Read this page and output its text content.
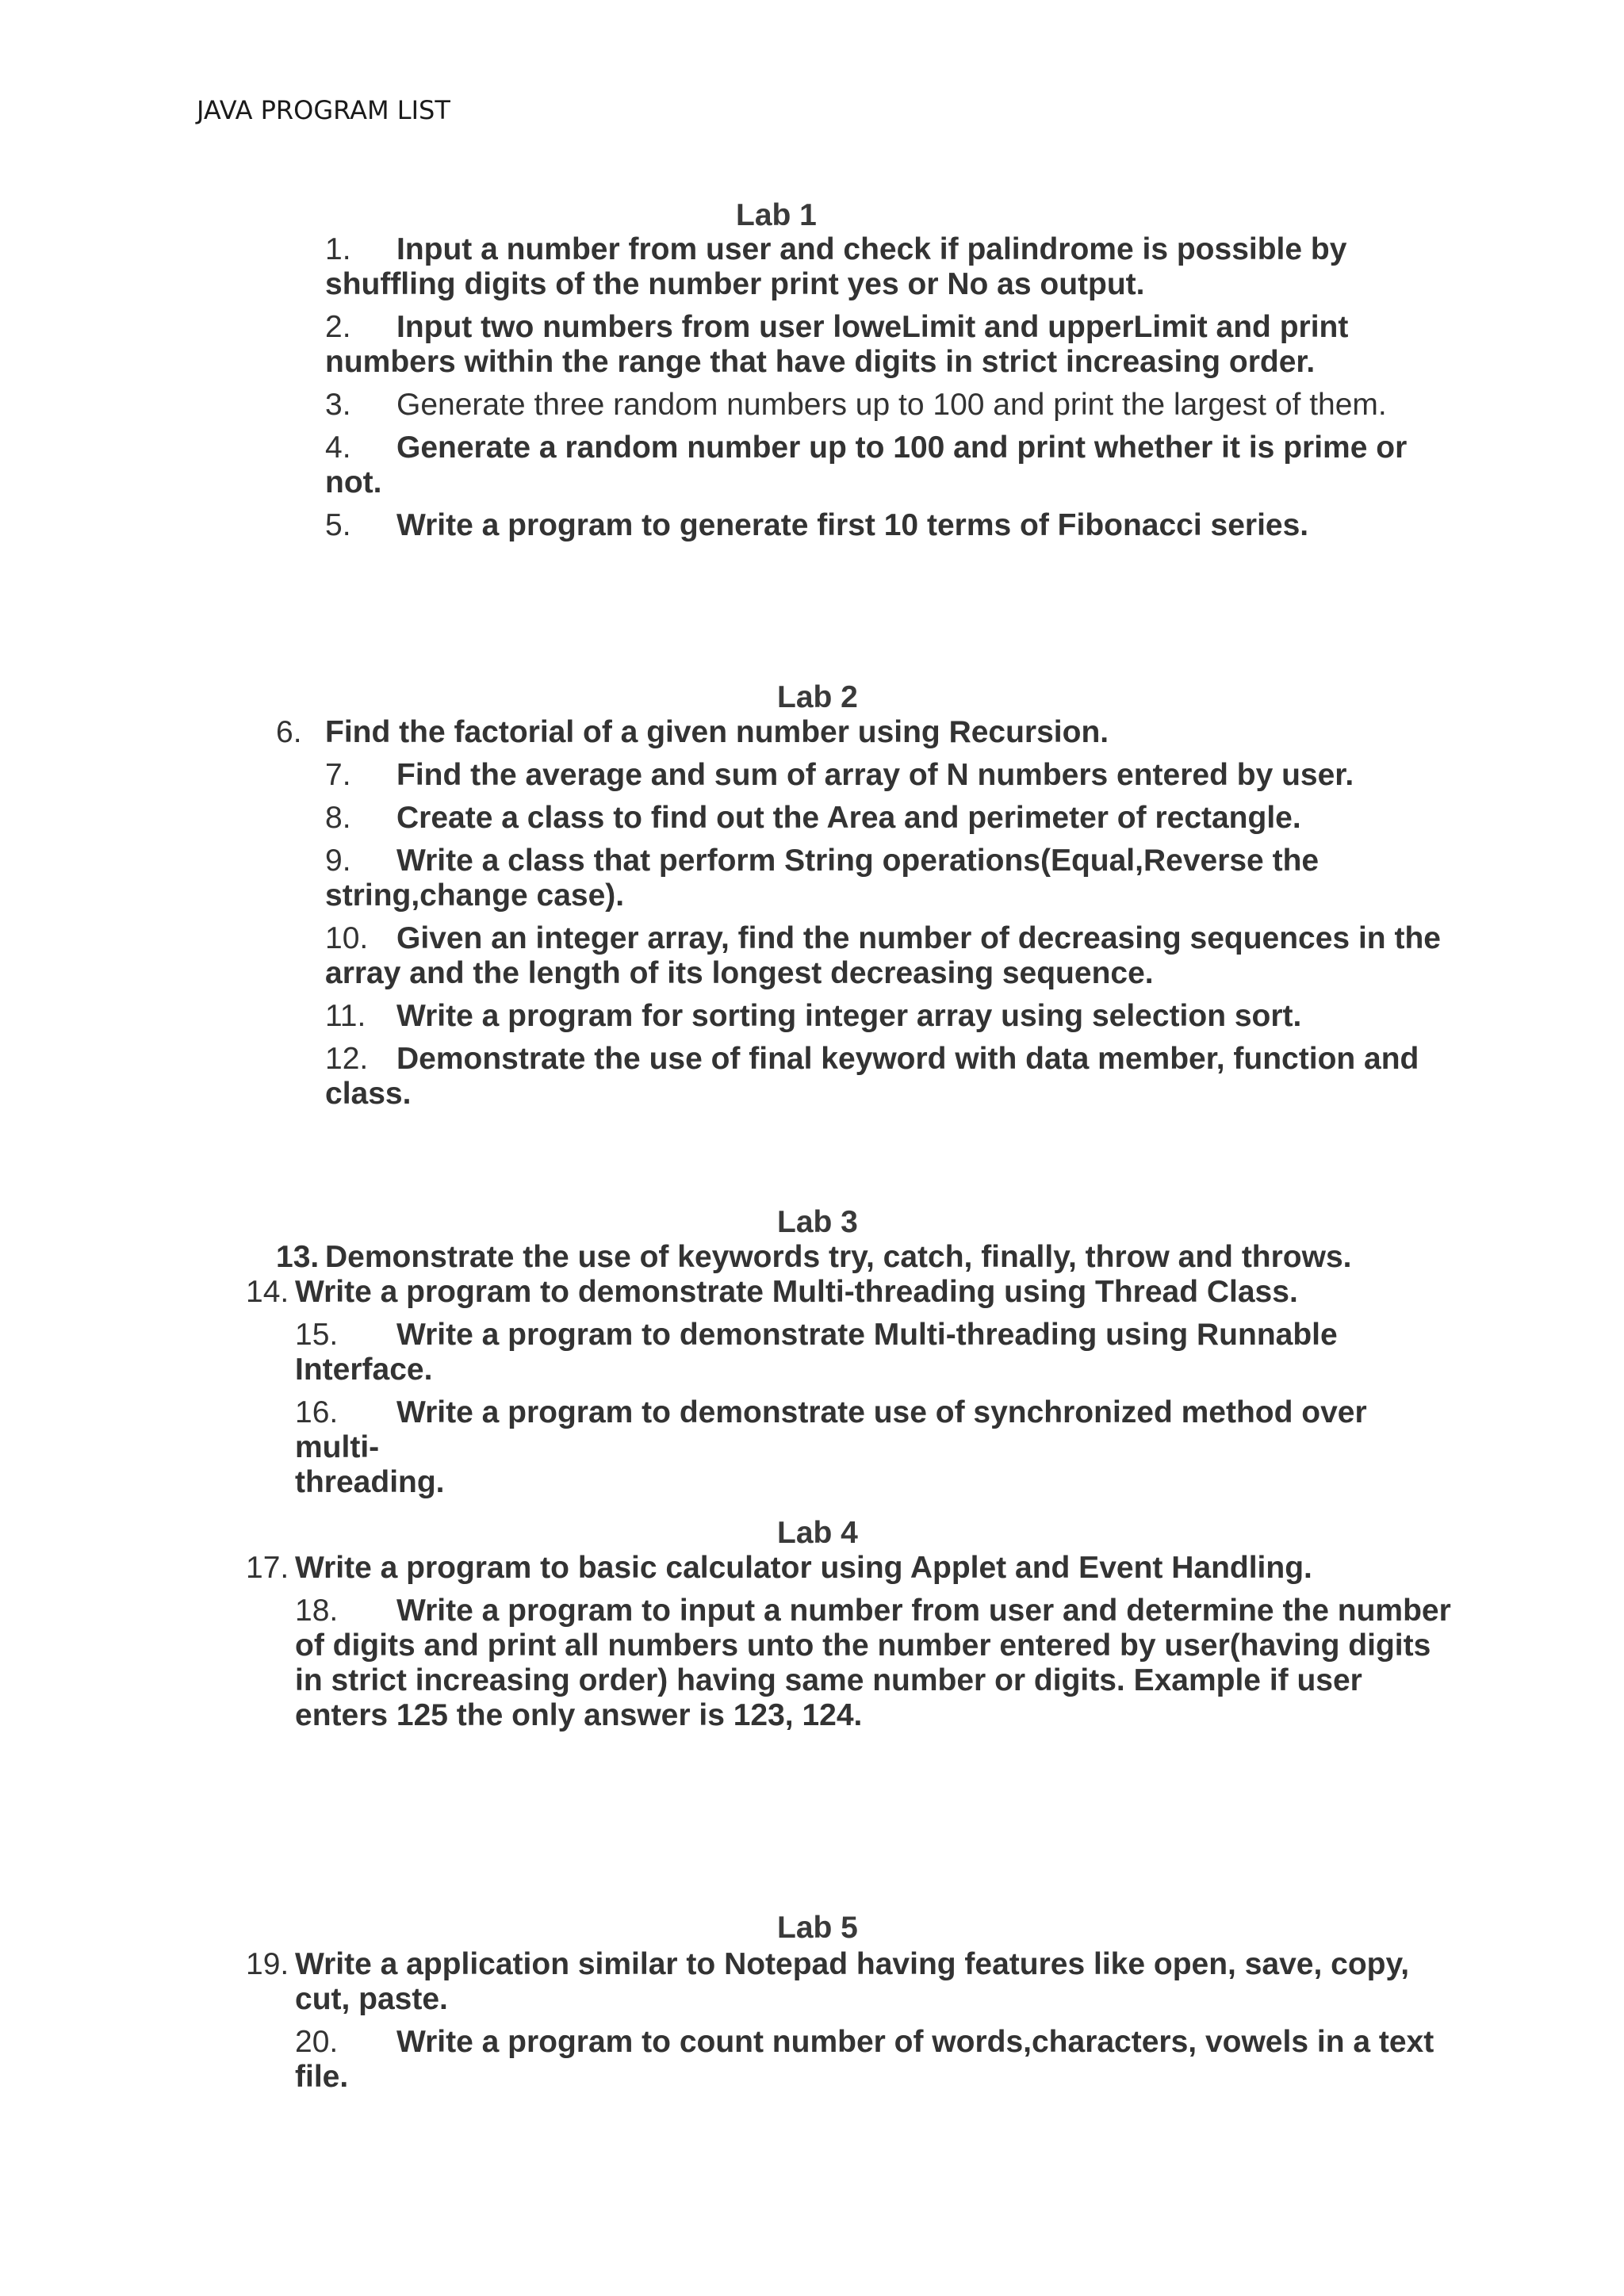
JAVA PROGRAM LIST
Lab 1
1. Input a number from user and check if palindrome is possible by
shuffling digits of the number print yes or No as output.
2. Input two numbers from user loweLimit and upperLimit and print
numbers within the range that have digits in strict increasing order.
3. Generate three random numbers up to 100 and print the largest of them.
4. Generate a random number up to 100 and print whether it is prime or
not.
5. Write a program to generate first 10 terms of Fibonacci series.
Lab 2
6. Find the factorial of a given number using Recursion.
7. Find the average and sum of array of N numbers entered by user.
8. Create a class to find out the Area and perimeter of rectangle.
9. Write a class that perform String operations(Equal,Reverse the
string,change case).
10. Given an integer array, find the number of decreasing sequences in the
array and the length of its longest decreasing sequence.
11. Write a program for sorting integer array using selection sort.
12. Demonstrate the use of final keyword with data member, function and
class.
Lab 3
13. Demonstrate the use of keywords try, catch, finally, throw and throws.
14. Write a program to demonstrate Multi-threading using Thread Class.
15. Write a program to demonstrate Multi-threading using Runnable
Interface.
16. Write a program to demonstrate use of synchronized method over multi-
threading.
Lab 4
17. Write a program to basic calculator using Applet and Event Handling.
18. Write a program to input a number from user and determine the number
of digits and print all numbers unto the number entered by user(having digits
in strict increasing order) having same number or digits. Example if user
enters 125 the only answer is 123, 124.
Lab 5
19. Write a application similar to Notepad having features like open, save, copy,
cut, paste.
20. Write a program to count number of words,characters, vowels in a text
file.
